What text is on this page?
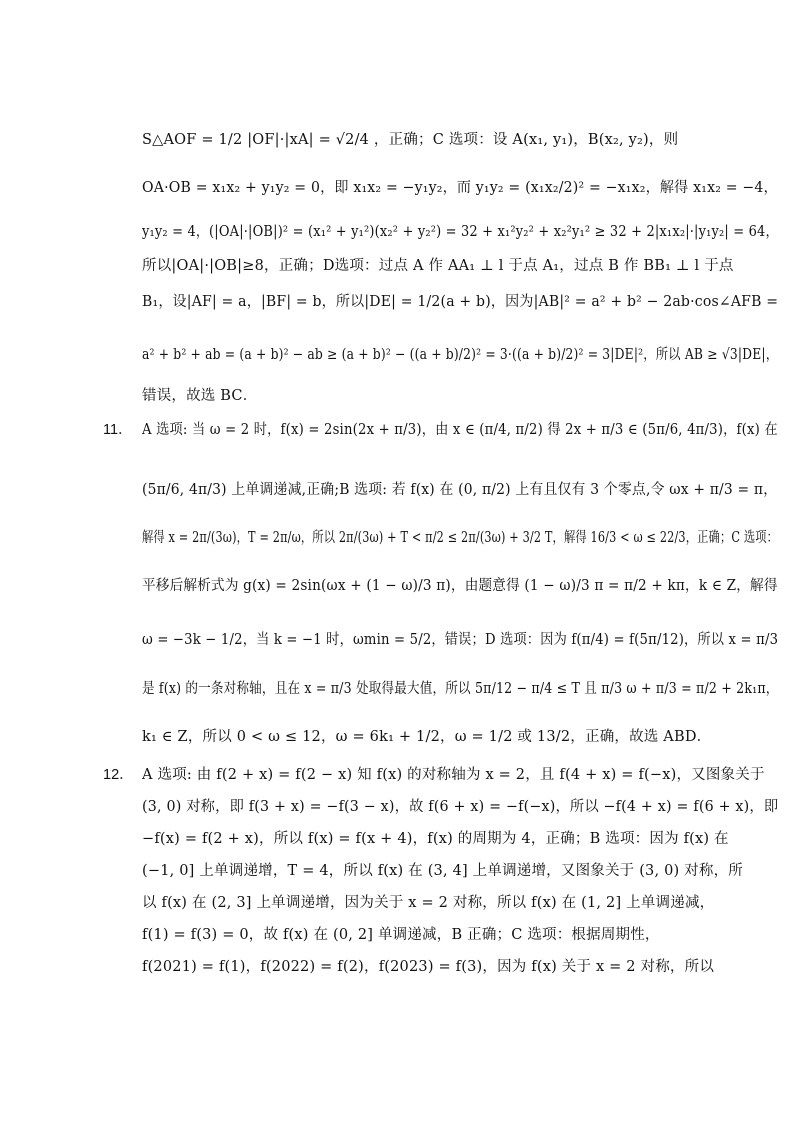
S△AOF = 1/2 |OF|·|xA| = √2/4 ，正确；C 选项：设 A(x₁, y₁)，B(x₂, y₂)，则
OA·OB = x₁x₂ + y₁y₂ = 0，即 x₁x₂ = −y₁y₂，而 y₁y₂ = (x₁x₂/2)² = −x₁x₂，解得 x₁x₂ = −4，
y₁y₂ = 4，(|OA|·|OB|)² = (x₁² + y₁²)(x₂² + y₂²) = 32 + x₁²y₂² + x₂²y₁² ≥ 32 + 2|x₁x₂|·|y₁y₂| = 64，
所以|OA|·|OB|≥8，正确；D选项：过点 A 作 AA₁ ⊥ l 于点 A₁，过点 B 作 BB₁ ⊥ l 于点
B₁，设|AF| = a，|BF| = b，所以|DE| = 1/2(a + b)，因为|AB|² = a² + b² − 2ab·cos∠AFB =
a² + b² + ab = (a + b)² − ab ≥ (a + b)² − ((a + b)/2)² = 3·((a + b)/2)² = 3|DE|²，所以 AB ≥ √3|DE|，
错误，故选 BC．
11． A 选项: 当 ω = 2 时，f(x) = 2sin(2x + π/3)，由 x ∈ (π/4, π/2) 得 2x + π/3 ∈ (5π/6, 4π/3)，f(x) 在
(5π/6, 4π/3) 上单调递减,正确;B 选项: 若 f(x) 在 (0, π/2) 上有且仅有 3 个零点,令 ωx + π/3 = π，
解得 x = 2π/(3ω)，T = 2π/ω，所以 2π/(3ω) + T < π/2 ≤ 2π/(3ω) + 3/2 T，解得 16/3 < ω ≤ 22/3，正确；C 选项：
平移后解析式为 g(x) = 2sin(ωx + (1 − ω)/3 π)，由题意得 (1 − ω)/3 π = π/2 + kπ，k ∈ Z，解得
ω = −3k − 1/2，当 k = −1 时，ωmin = 5/2，错误；D 选项：因为 f(π/4) = f(5π/12)，所以 x = π/3
是 f(x) 的一条对称轴，且在 x = π/3 处取得最大值，所以 5π/12 − π/4 ≤ T 且 π/3 ω + π/3 = π/2 + 2k₁π，
k₁ ∈ Z，所以 0 < ω ≤ 12，ω = 6k₁ + 1/2，ω = 1/2 或 13/2，正确，故选 ABD．
12． A 选项: 由 f(2 + x) = f(2 − x) 知 f(x) 的对称轴为 x = 2，且 f(4 + x) = f(−x)，又图象关于
(3, 0) 对称，即 f(3 + x) = −f(3 − x)，故 f(6 + x) = −f(−x)，所以 −f(4 + x) = f(6 + x)，即
−f(x) = f(2 + x)，所以 f(x) = f(x + 4)，f(x) 的周期为 4，正确；B 选项：因为 f(x) 在
(−1, 0] 上单调递增，T = 4，所以 f(x) 在 (3, 4] 上单调递增，又图象关于 (3, 0) 对称，所
以 f(x) 在 (2, 3] 上单调递增，因为关于 x = 2 对称，所以 f(x) 在 (1, 2] 上单调递减，
f(1) = f(3) = 0，故 f(x) 在 (0, 2] 单调递减，B 正确；C 选项：根据周期性，
f(2021) = f(1)，f(2022) = f(2)，f(2023) = f(3)，因为 f(x) 关于 x = 2 对称，所以
